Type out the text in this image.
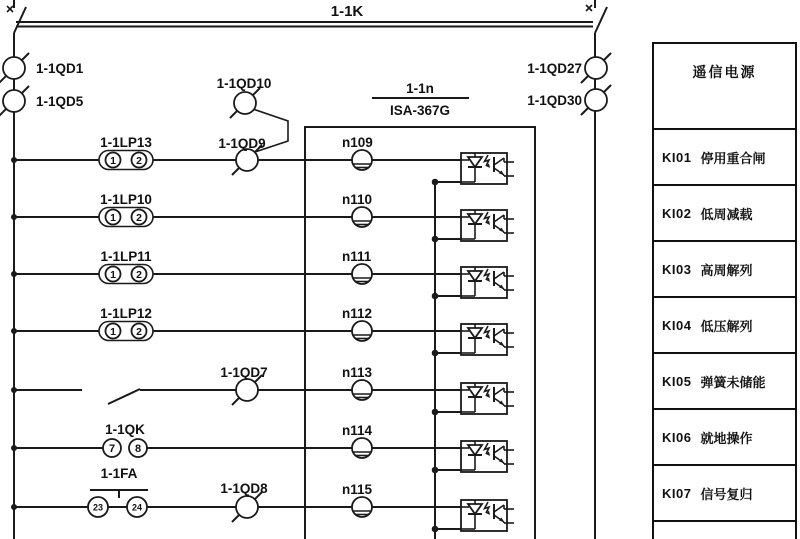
1-1K
1-1QD1
1-1QD5
1-1QD27
1-1QD30
1-1n
ISA-367G
1-1QD10
1 2
1-1LP13	1-1QD9	n109
1 2
1-1LP10	n110
1 2
1-1LP11	n111
1 2
1-1LP12	n112
1-1QD7	n113
7 8
1-1QK	n114
23	24
1-1FA
1-1QD8	n115
遥信电源
KI01 停用重合闸
KI02 低周减载
KI03 高周解列
KI04 低压解列
KI05 弹簧未储能
KI06 就地操作
KI07 信号复归
